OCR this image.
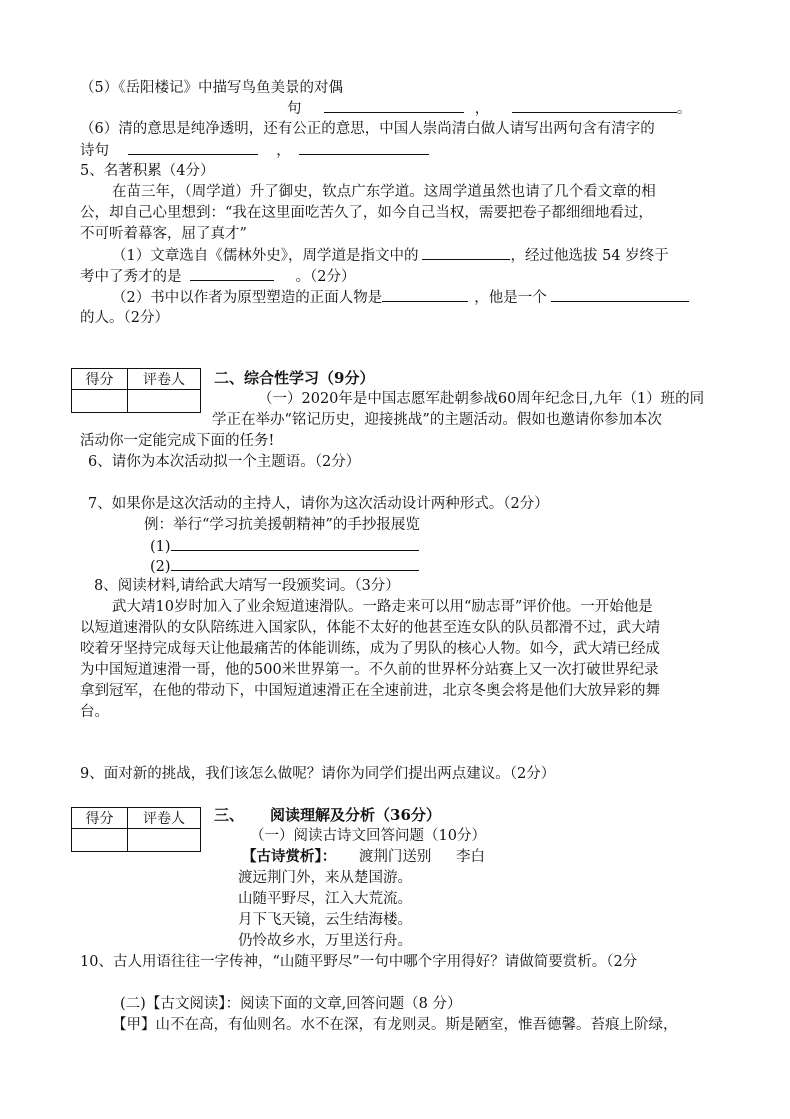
（5）《岳阳楼记》中描写鸟鱼美景的对偶
句	，	。
（6）清的意思是纯净透明，还有公正的意思，中国人崇尚清白做人请写出两句含有清字的
诗句	，
5、名著积累（4分）
在苗三年，（周学道）升了御史，钦点广东学道。这周学道虽然也请了几个看文章的相
公，却自己心里想到：“我在这里面吃苦久了，如今自己当权，需要把卷子都细细地看过，
不可听着幕客，屈了真才”
（1）文章选自《儒林外史》，周学道是指文中的	，经过他选拔 54 岁终于
考中了秀才的是	。（2分）
（2）书中以作者为原型塑造的正面人物是	，他是一个
的人。（2分）
得分	评卷人
	二、综合性学习（9分）
（一）2020年是中国志愿军赴朝参战60周年纪念日,九年（1）班的同
学正在举办“铭记历史，迎接挑战”的主题活动。假如也邀请你参加本次
活动你一定能完成下面的任务!
6、请你为本次活动拟一个主题语。（2分）
7、如果你是这次活动的主持人，请你为这次活动设计两种形式。（2分）
例：举行“学习抗美援朝精神”的手抄报展览
(1)
(2)
8、阅读材料,请给武大靖写一段颁奖词。（3分）
武大靖10岁时加入了业余短道速滑队。一路走来可以用“励志哥”评价他。一开始他是
以短道速滑队的女队陪练进入国家队，体能不太好的他甚至连女队的队员都滑不过，武大靖
咬着牙坚持完成每天让他最痛苦的体能训练，成为了男队的核心人物。如今，武大靖已经成
为中国短道速滑一哥，他的500米世界第一。不久前的世界杯分站赛上又一次打破世界纪录
拿到冠军，在他的带动下，中国短道速滑正在全速前进，北京冬奥会将是他们大放异彩的舞
台。
9、面对新的挑战，我们该怎么做呢？请你为同学们提出两点建议。（2分）
得分	评卷人
	三、 阅读理解及分析（36分）
（一）阅读古诗文回答问题（10分）
【古诗赏析】： 渡荆门送别 李白
渡远荆门外，来从楚国游。
山随平野尽，江入大荒流。
月下飞天镜，云生结海楼。
仍怜故乡水，万里送行舟。
10、古人用语往往一字传神，“山随平野尽”一句中哪个字用得好？请做简要赏析。（2分
(二)【古文阅读】：阅读下面的文章,回答问题（8 分）
【甲】山不在高，有仙则名。水不在深，有龙则灵。斯是陋室，惟吾德馨。苔痕上阶绿，
